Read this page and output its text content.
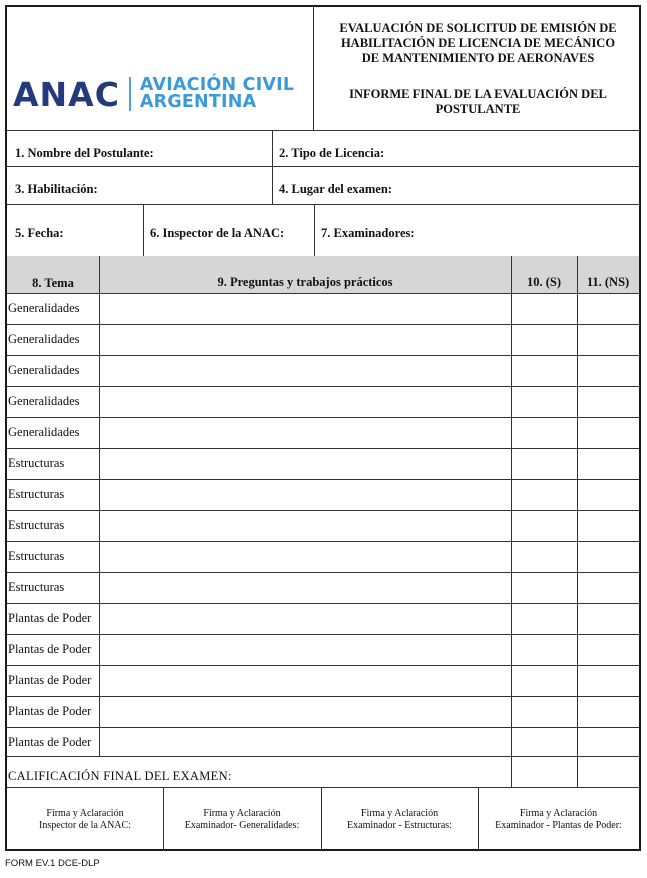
ANAC AVIACIÓN CIVIL
ARGENTINA
EVALUACIÓN DE SOLICITUD DE EMISIÓN DE
HABILITACIÓN DE LICENCIA DE MECÁNICO
DE MANTENIMIENTO DE AERONAVES
INFORME FINAL DE LA EVALUACIÓN DEL
POSTULANTE
1. Nombre del Postulante:	2. Tipo de Licencia:
3. Habilitación:	4. Lugar del examen:
5. Fecha:	6. Inspector de la ANAC:	7. Examinadores:
8. Tema	9. Preguntas y trabajos prácticos	10. (S)	11. (NS)
Generalidades
Generalidades
Generalidades
Generalidades
Generalidades
Estructuras
Estructuras
Estructuras
Estructuras
Estructuras
Plantas de Poder
Plantas de Poder
Plantas de Poder
Plantas de Poder
Plantas de Poder
CALIFICACIÓN FINAL DEL EXAMEN:
Firma y Aclaración
Inspector de la ANAC:
Firma y Aclaración
Examinador- Generalidades:
Firma y Aclaración
Examinador - Estructuras:
Firma y Aclaración
Examinador - Plantas de Poder:
FORM EV.1 DCE-DLP
